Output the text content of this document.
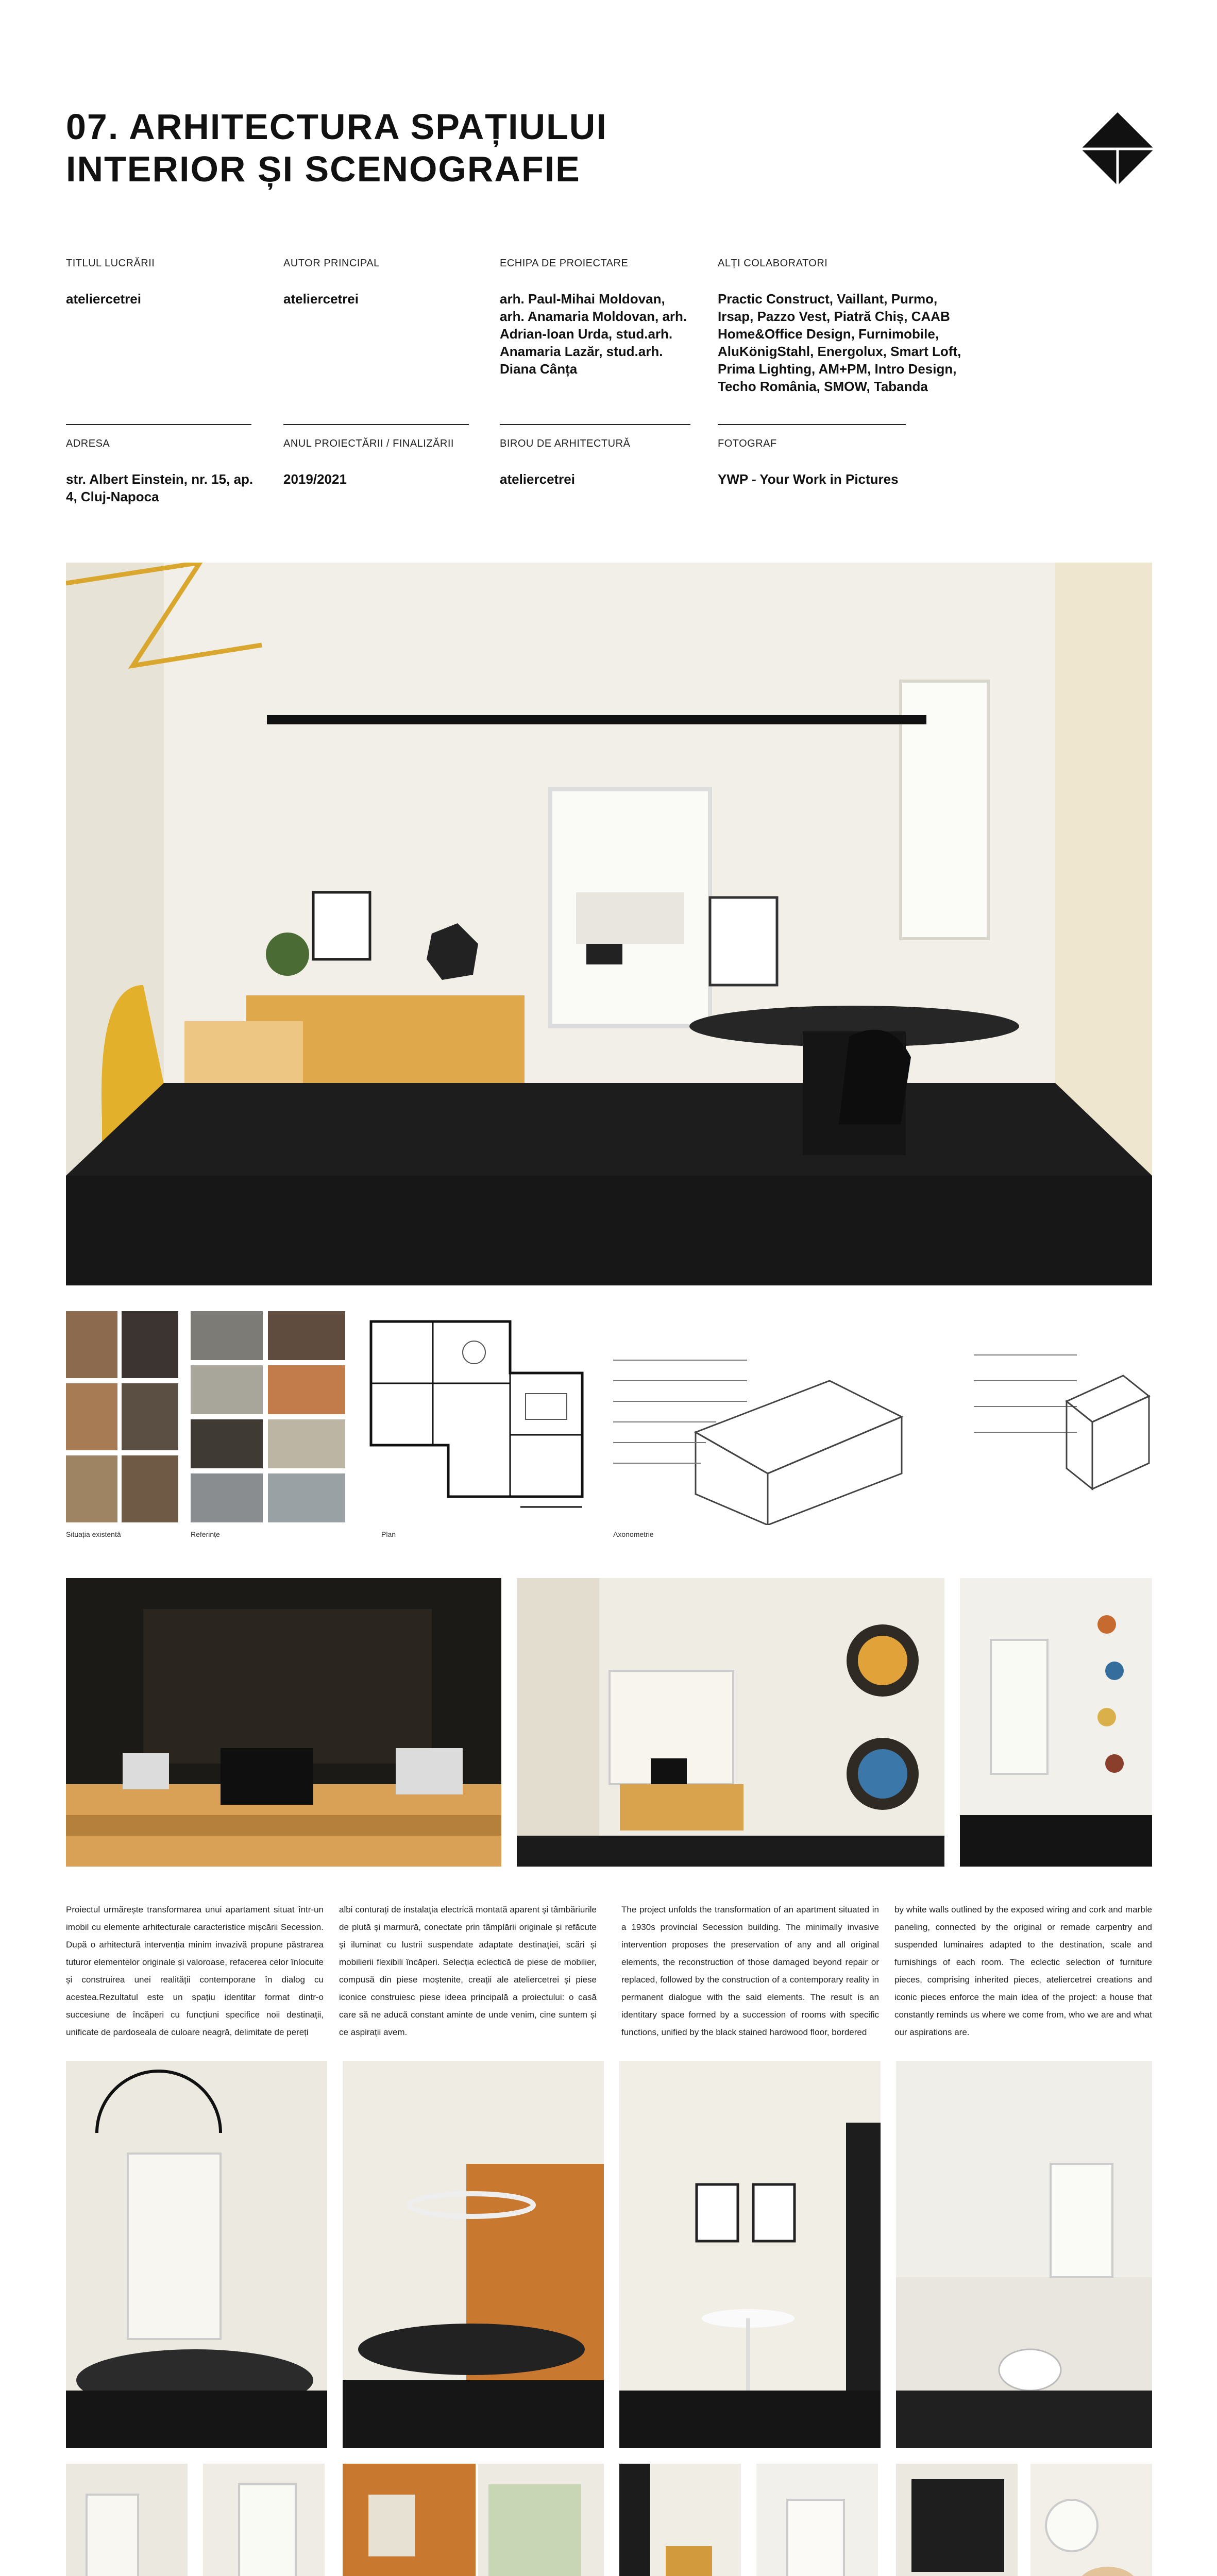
07. ARHITECTURA SPAȚIULUI
INTERIOR ȘI SCENOGRAFIE
TITLUL LUCRĂRII
ateliercetrei
AUTOR PRINCIPAL
ateliercetrei
ECHIPA DE PROIECTARE
arh. Paul-Mihai Moldovan, arh. Anamaria Moldovan, arh. Adrian-Ioan Urda, stud.arh. Anamaria Lazăr, stud.arh. Diana Cânța
ALȚI COLABORATORI
Practic Construct, Vaillant, Purmo, Irsap, Pazzo Vest, Piatră Chiș, CAAB Home&Office Design, Furnimobile, AluKönigStahl, Energolux, Smart Loft, Prima Lighting, AM+PM, Intro Design, Techo România, SMOW, Tabanda
ADRESA
str. Albert Einstein, nr. 15, ap. 4, Cluj-Napoca
ANUL PROIECTĂRII / FINALIZĂRII
2019/2021
BIROU DE ARHITECTURĂ
ateliercetrei
FOTOGRAF
YWP - Your Work in Pictures
Situația existentă	Referințe	Plan	Axonometrie
Proiectul urmărește transformarea unui apartament situat într-un imobil cu elemente arhitecturale caracteristice mișcării Secession. După o arhitectură intervenția minim invazivă propune păstrarea tuturor elementelor originale și valoroase, refacerea celor înlocuite și construirea unei realității contemporane în dialog cu acestea.Rezultatul este un spațiu identitar format dintr-o succesiune de încăperi cu funcțiuni specifice noii destinații, unificate de pardoseala de culoare neagră, delimitate de pereți
albi conturați de instalația electrică montată aparent și tâmbăriurile de plută și marmură, conectate prin tâmplării originale și refăcute și iluminat cu lustrii suspendate adaptate destinației, scări și mobilierii flexibili încăperi. Selecția eclectică de piese de mobilier, compusă din piese moștenite, creații ale ateliercetrei și piese iconice construiesc piese ideea principală a proiectului: o casă care să ne aducă constant aminte de unde venim, cine suntem și ce aspirații avem.
The project unfolds the transformation of an apartment situated in a 1930s provincial Secession building. The minimally invasive intervention proposes the preservation of any and all original elements, the reconstruction of those damaged beyond repair or replaced, followed by the construction of a contemporary reality in permanent dialogue with the said elements. The result is an identitary space formed by a succession of rooms with specific functions, unified by the black stained hardwood floor, bordered
by white walls outlined by the exposed wiring and cork and marble paneling, connected by the original or remade carpentry and suspended luminaires adapted to the destination, scale and furnishings of each room. The eclectic selection of furniture pieces, comprising inherited pieces, ateliercetrei creations and iconic pieces enforce the main idea of the project: a house that constantly reminds us where we come from, who we are and what our aspirations are.
